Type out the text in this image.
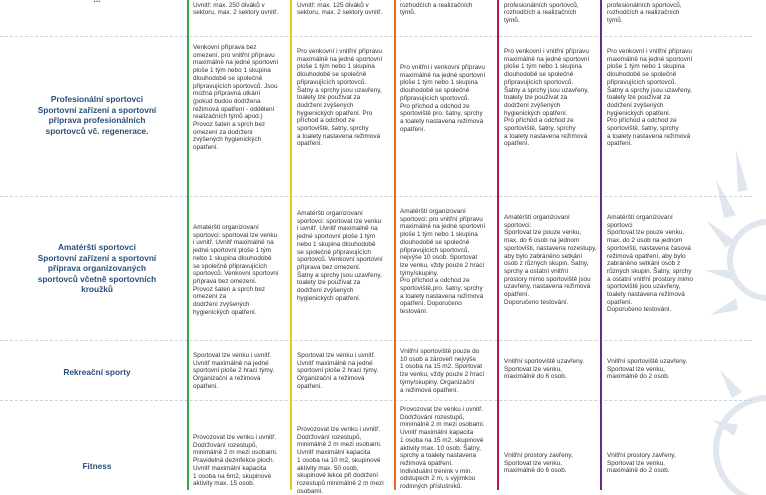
Uvnitř: max. 250 diváků v
sektoru, max. 2 sektory uvnitř.

Uvnitř: max. 125 diváků v
sektoru, max. 2 sektory uvnitř.

rozhodčích a realizačních
týmů.

profesionálních sportovců,
rozhodčích a realizačních
týmů.

profesionálních sportovců,
rozhodčích a realizačních
týmů.
Profesionální sportovci
Sportovní zařízení a sportovní
příprava profesionálních
sportovců vč. regenerace.
Venkovní příprava bez
omezení, pro vnitřní přípravu
maximálně na jedné sportovní
ploše 1 tým nebo 1 skupina
dlouhodobě se společně
připravujících sportovců. Jsou
možná přípravná utkání
(pokud budou dodržena
režimová opatření - oddělení
realizačních týmů apod.)
Provoz šaten a sprch bez
omezení za dodržení
zvýšených hygienických
opatření.
Pro venkovní i vnitřní přípravu
maximálně na jedné sportovní
ploše 1 tým nebo 1 skupina
dlouhodobě se společně
připravujících sportovců.
Šatny a sprchy jsou uzavřeny,
toalety lze používat za
dodržení zvýšených
hygienických opatření. Pro
příchod a odchod ze
sportoviště, šatny, sprchy
a toalety nastavena režimová
opatření.
Pro vnitřní i venkovní přípravu
maximálně na jedné sportovní
ploše 1 tým nebo 1 skupina
dlouhodobě se společně
připravujících sportovců.
Pro příchod a odchod ze
sportoviště pro. šatny, sprchy
a toalety nastavena režimová
opatření.
Pro venkovní i vnitřní přípravu
maximálně na jedné sportovní
ploše 1 tým nebo 1 skupina
dlouhodobě se společně
připravujících sportovců.
Šatny a sprchy jsou uzavřeny,
toalety lze používat za
dodržení zvýšených
hygienických opatření.
Pro příchod a odchod ze
sportoviště, šatny, sprchy
a toalety nastavena režimová
opatření.
Pro venkovní i vnitřní přípravu
maximálně na jedné sportovní
ploše 1 tým nebo 1 skupina
dlouhodobě se společně
připravujících sportovců.
Šatny a sprchy jsou uzavřeny,
toalety lze používat za
dodržení zvýšených
hygienických opatření.
Pro příchod a odchod ze
sportoviště, šatny, sprchy
a toalety nastavena režimová
opatření.
Amatérští sportovci
Sportovní zařízení a sportovní
příprava organizovaných
sportovců včetně sportovních
kroužků
Amatérští organizovaní
sportovci: sportovat lze venku
i uvnitř. Uvnitř maximálně na
jedné sportovní ploše 1 tým
nebo 1 skupina dlouhodobě
se společně připravujících
sportovců. Venkovní sportovní
příprava bez omezení.
Provoz šaten a sprch bez omezení za
dodržení zvýšených
hygienických opatření.
Amatérští organizovaní
sportovci: sportovat lze venku
i uvnitř. Uvnitř maximálně na
jedné sportovní ploše 1 tým
nebo 1 skupina dlouhodobě
se společně připravujících
sportovců. Venkovní sportovní
příprava bez omezení.
Šatny a sprchy jsou uzavřeny,
toalety lze používat za
dodržení zvýšených
hygienických opatření.
Amatérští organizovaní
sportovci: pro vnitřní přípravu
maximálně na jedné sportovní
ploše 1 tým nebo 1 skupina
dlouhodobě se společně
připravujících sportovců,
nejvýše 10 osob. Sportovat
lze venku, vždy pouze 2 hrací
týmy/skupiny.
Pro příchod a odchod ze
sportoviště,pro. šatny, sprchy
a toalety nastavena režimová
opatření. Doporučeno
testování.
Amatérští organizovaní
sportovci:
Sportovat lze pouze venku,
max. do 6 osob na jednom
sportovišti, nastavena rozestupy,
aby bylo zabráněno setkání
osob z různých skupin. Šatny,
sprchy a ostatní vnitřní
prostory mimo sportoviště jsou
uzavřeny, nastavena režimová
opatření.
Doporučeno testování.
Amatérští organizovaní
sportovci
Sportovat lze pouze venku,
max. do 2 osob na jednom
sportovišti, nastavena časová
režimová opatření, aby bylo
zabráněno setkání osob z
různých skupin. Šatny, sprchy
a ostatní vnitřní prostory mimo
sportoviště jsou uzavřeny,
toalety nastavena režimová
opatření.
Doporučeno testování.
Rekreační sporty
Sportovat lze venku i uvnitř.
Uvnitř maximálně na jedné
sportovní ploše 2 hrací týmy.
Organizační a režimová
opatření.
Sportovat lze venku i uvnitř.
Uvnitř maximálně na jedné
sportovní ploše 2 hrací týmy.
Organizační a režimová
opatření.
Vnitřní sportoviště pouze do
10 osob a zároveň nejvýše
1 osoba na 15 m2. Sportovat
lze venku, vždy pouze 2 hrací
týmy/skupiny. Organizační
a režimová opatření.
Vnitřní sportoviště uzavřeny.
Sportovat lze venku,
maximálně do 6 osob.
Vnitřní sportoviště uzavřeny.
Sportovat lze venku,
maximálně do 2 osob.
Fitness
Provozovat lze venku i uvnitř.
Dodržování rozestupů,
minimálně 2 m mezi osobami.
Pravidelná dezinfekce ploch.
Uvnitř maximální kapacita
1 osoba na 6m2, skupinové
aktivity max. 15 osob.
Provozovat lze venku i uvnitř.
Dodržování rozestupů,
minimálně 2 m mezi osobami.
Uvnitř maximální kapacita
1 osoba na 10 m2, skupinové
aktivity max. 50 osob,
skupinové lekce při dodržení
rozestupů minimálně 2 m mezi osobami.
Provozovat lze venku i uvnitř.
Dodržování rozestupů,
minimálně 2 m mezi osobami.
Uvnitř maximální kapacita
1 osoba na 15 m2, skupinové
aktivity max. 10 osob. Šatny,
sprchy a toalety nastavena
režimová opatření.
Individuální trénink v min.
odstupech 2 m, s výjimkou
rodinných příslušníků.
Vnitřní prostory zavřeny,
Sportovat lze venku,
maximálně do 6 osob.
Vnitřní prostory zavřeny,
Sportovat lze venku,
maximálně do 2 osob.
